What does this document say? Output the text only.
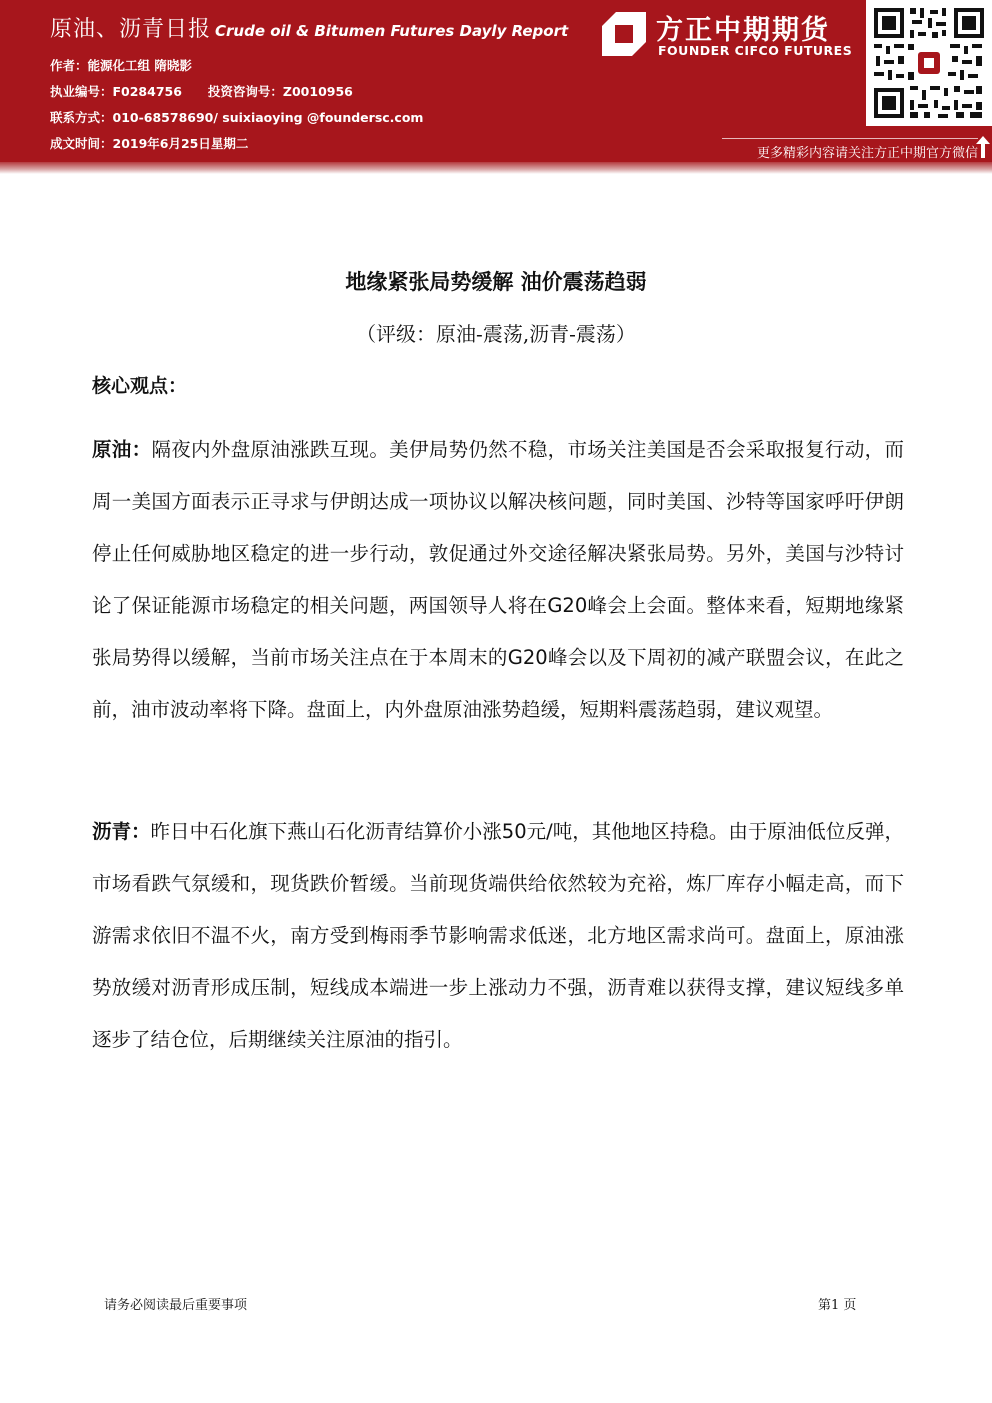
原油、沥青日报 Crude oil & Bitumen Futures Dayly Report
作者：能源化工组 隋晓影
执业编号：F0284756 投资咨询号：Z0010956
联系方式：010-68578690/ suixiaoying @foundersc.com
成文时间：2019年6月25日星期二
方正中期期货
FOUNDER CIFCO FUTURES
更多精彩内容请关注方正中期官方微信
地缘紧张局势缓解 油价震荡趋弱
（评级：原油-震荡,沥青-震荡）
核心观点：
原油：隔夜内外盘原油涨跌互现。美伊局势仍然不稳，市场关注美国是否会采取报复行动，而周一美国方面表示正寻求与伊朗达成一项协议以解决核问题，同时美国、沙特等国家呼吁伊朗停止任何威胁地区稳定的进一步行动，敦促通过外交途径解决紧张局势。另外，美国与沙特讨论了保证能源市场稳定的相关问题，两国领导人将在G20峰会上会面。整体来看，短期地缘紧张局势得以缓解，当前市场关注点在于本周末的G20峰会以及下周初的减产联盟会议，在此之前，油市波动率将下降。盘面上，内外盘原油涨势趋缓，短期料震荡趋弱，建议观望。
沥青：昨日中石化旗下燕山石化沥青结算价小涨50元/吨，其他地区持稳。由于原油低位反弹，市场看跌气氛缓和，现货跌价暂缓。当前现货端供给依然较为充裕，炼厂库存小幅走高，而下游需求依旧不温不火，南方受到梅雨季节影响需求低迷，北方地区需求尚可。盘面上，原油涨势放缓对沥青形成压制，短线成本端进一步上涨动力不强，沥青难以获得支撑，建议短线多单逐步了结仓位，后期继续关注原油的指引。
请务必阅读最后重要事项	第1 页
